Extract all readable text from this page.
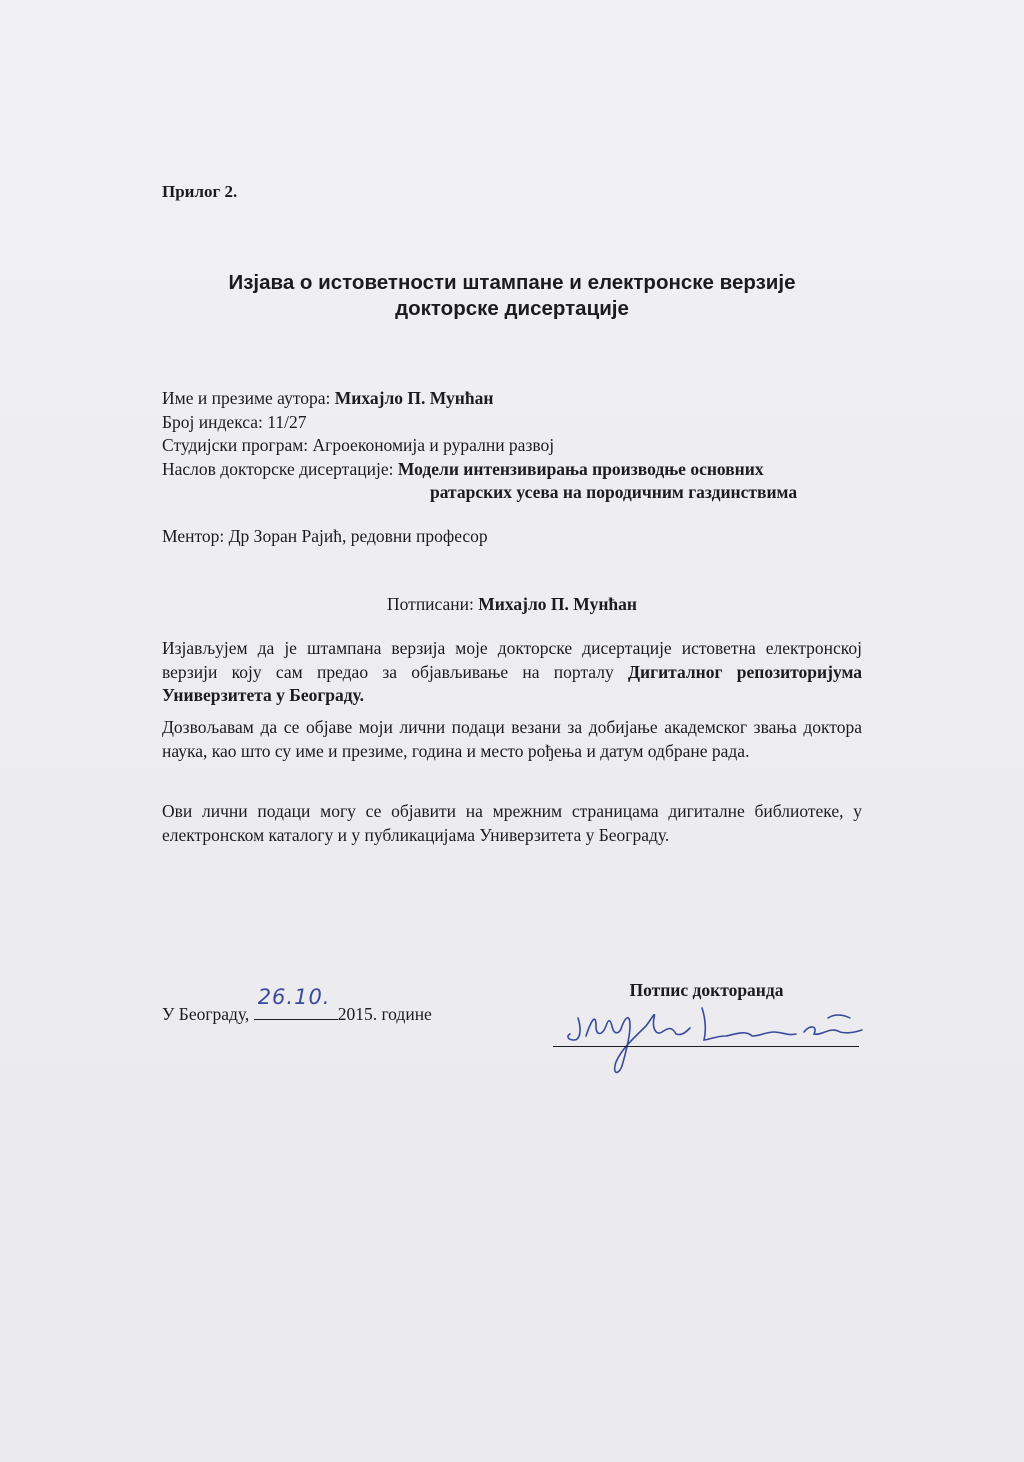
Прилог 2.
Изјава о истоветности штампане и електронске верзије
докторске дисертације
Име и презиме аутора: Михајло П. Мунћан
Број индекса: 11/27
Студијски програм: Агроекономија и рурални развој
Наслов докторске дисертације: Модели интензивирања производње основних
ратарских усева на породичним газдинствима
Ментор: Др Зоран Рајић, редовни професор
Потписани: Михајло П. Мунћан
Изјављујем да је штампана верзија моје докторске дисертације истоветна електронској верзији коју сам предао за објављивање на порталу Дигиталног репозиторијума Универзитета у Београду.
Дозвољавам да се објаве моји лични подаци везани за добијање академског звања доктора наука, као што су име и презиме, година и место рођења и датум одбране рада.
Ови лични подаци могу се објавити на мрежним страницама дигиталне библиотеке, у електронском каталогу и у публикацијама Универзитета у Београду.
У Београду,
26.10.
2015. године
Потпис докторанда
